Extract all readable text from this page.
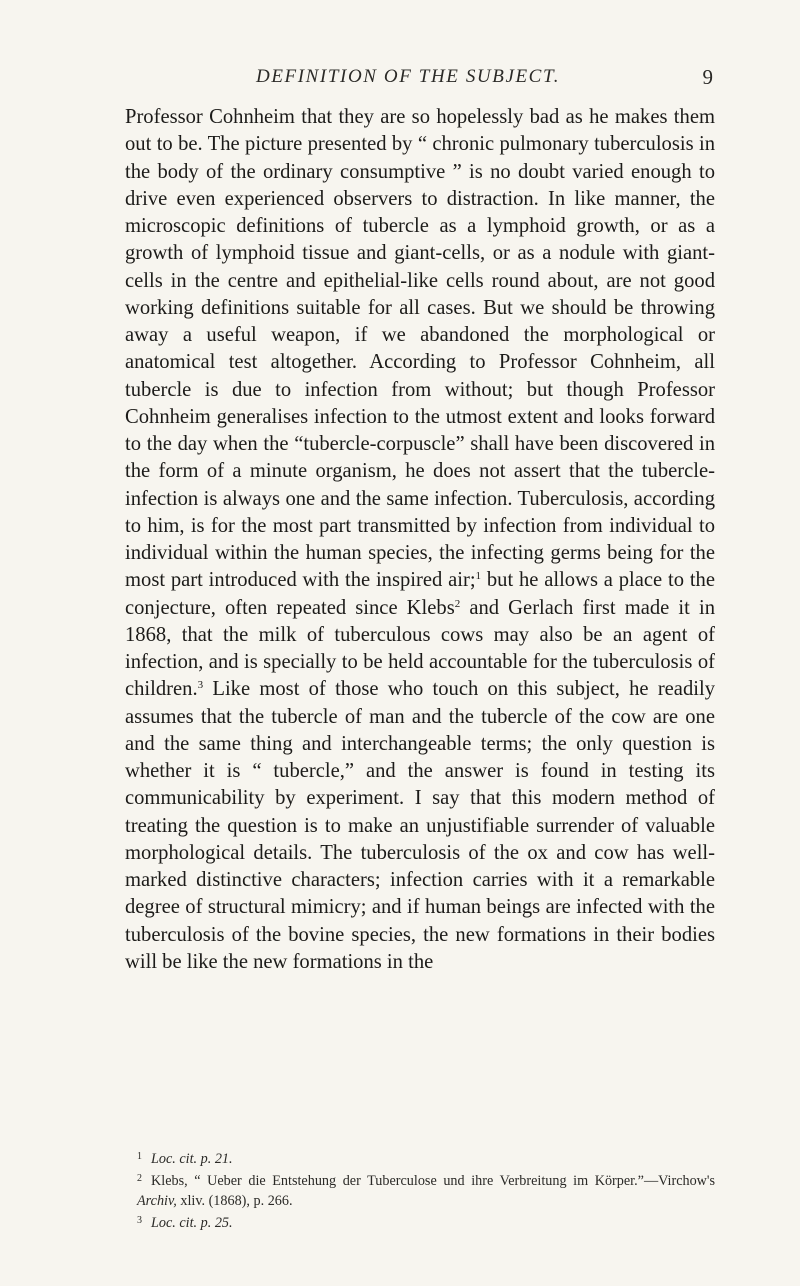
DEFINITION OF THE SUBJECT.	9

Professor Cohnheim that they are so hopelessly bad as he makes them out to be. The picture presented by “ chronic pulmonary tuberculosis in the body of the ordinary consumptive ” is no doubt varied enough to drive even experienced observers to distraction. In like manner, the microscopic definitions of tubercle as a lymphoid growth, or as a growth of lymphoid tissue and giant-cells, or as a nodule with giant-cells in the centre and epithelial-like cells round about, are not good working definitions suitable for all cases. But we should be throwing away a useful weapon, if we abandoned the morphological or anatomical test altogether. According to Professor Cohnheim, all tubercle is due to infection from without; but though Professor Cohnheim generalises infection to the utmost extent and looks forward to the day when the “tubercle-corpuscle” shall have been discovered in the form of a minute organism, he does not assert that the tubercle-infection is always one and the same infection. Tuberculosis, according to him, is for the most part transmitted by infection from individual to individual within the human species, the infecting germs being for the most part introduced with the inspired air;$^1$ but he allows a place to the conjecture, often repeated since Klebs$^2$ and Gerlach first made it in 1868, that the milk of tuberculous cows may also be an agent of infection, and is specially to be held accountable for the tuberculosis of children.$^3$ Like most of those who touch on this subject, he readily assumes that the tubercle of man and the tubercle of the cow are one and the same thing and interchangeable terms; the only question is whether it is “ tubercle,” and the answer is found in testing its communicability by experiment. I say that this modern method of treating the question is to make an unjustifiable surrender of valuable morphological details. The tuberculosis of the ox and cow has well-marked distinctive characters; infection carries with it a remarkable degree of structural mimicry; and if human beings are infected with the tuberculosis of the bovine species, the new formations in their bodies will be like the new formations in the

1 Loc. cit. p. 21.

2 Klebs, “ Ueber die Entstehung der Tuberculose und ihre Verbreitung im Körper.”—Virchow's Archiv, xliv. (1868), p. 266.

3 Loc. cit. p. 25.
